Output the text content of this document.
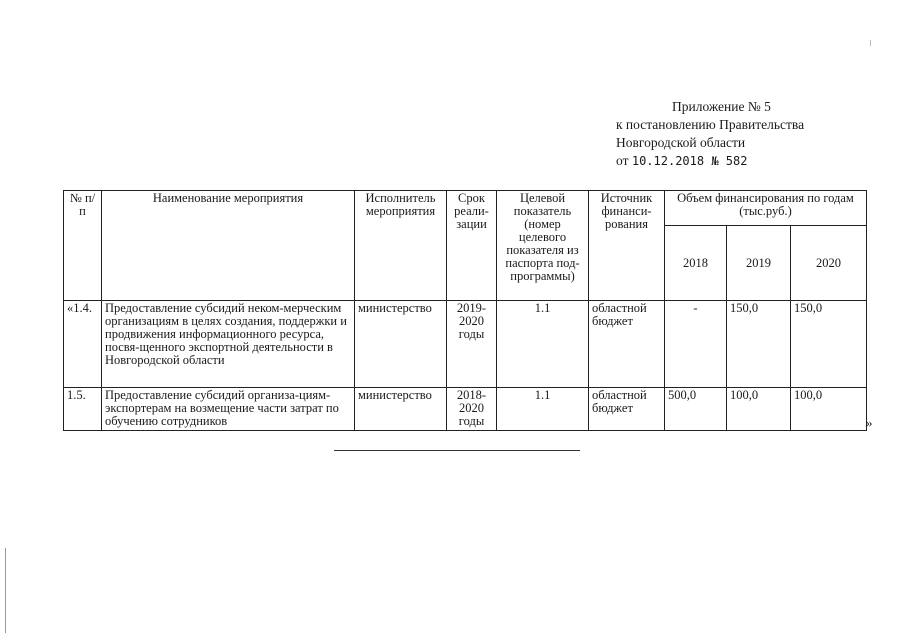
Приложение № 5
к постановлению Правительства
Новгородской области
от 10.12.2018 № 582
№ п/п	Наименование мероприятия	Исполнитель мероприятия	Срок реали-зации	Целевой показатель (номер целевого показателя из паспорта под-программы)	Источник финанси-рования	Объем финансирования по годам (тыс.руб.)		
						2018	2019	2020
«1.4.	Предоставление субсидий неком-мерческим организациям в целях создания, поддержки и продвижения информационного ресурса, посвя-щенного экспортной деятельности в Новгородской области	министерство	2019-2020 годы	1.1	областной бюджет	-	150,0	150,0
1.5.	Предоставление субсидий организа-циям-экспортерам на возмещение части затрат по обучению сотрудников	министерство	2018-2020 годы	1.1	областной бюджет	500,0	100,0	100,0
»
